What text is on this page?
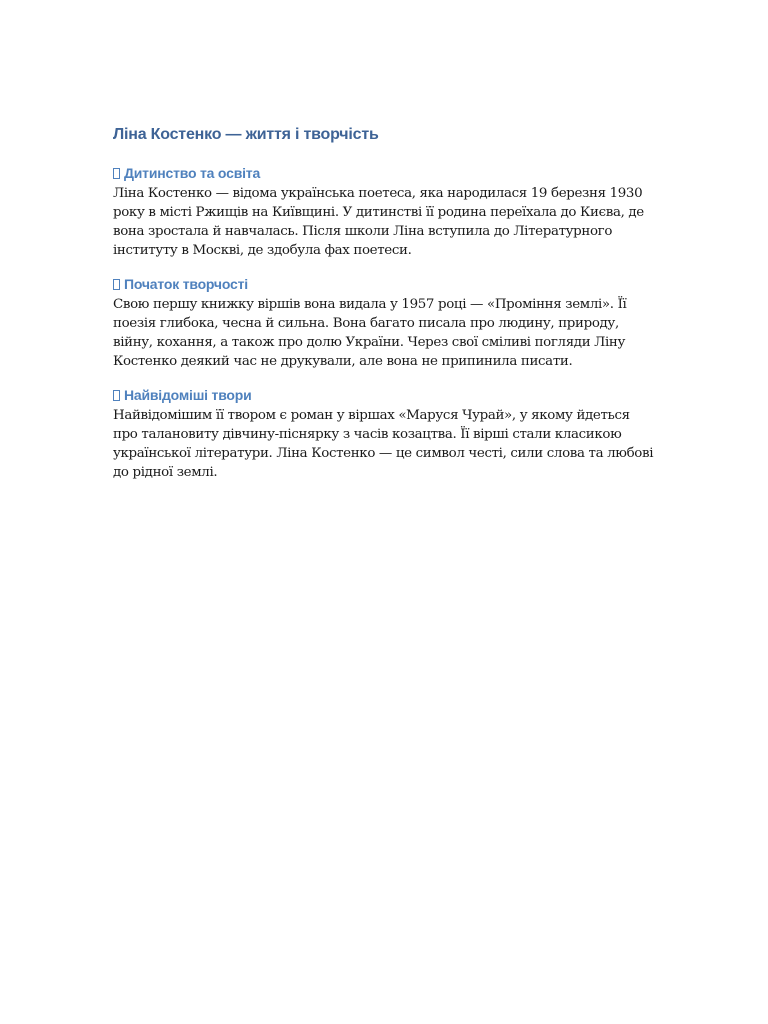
Ліна Костенко — життя і творчість
Дитинство та освіта

Ліна Костенко — відома українська поетеса, яка народилася 19 березня 1930 року в місті Ржищів на Київщині. У дитинстві її родина переїхала до Києва, де вона зростала й навчалась. Після школи Ліна вступила до Літературного інституту в Москві, де здобула фах поетеси.

Початок творчості

Свою першу книжку віршів вона видала у 1957 році — «Проміння землі». Її поезія глибока, чесна й сильна. Вона багато писала про людину, природу, війну, кохання, а також про долю України. Через свої сміливі погляди Ліну Костенко деякий час не друкували, але вона не припинила писати.

Найвідоміші твори

Найвідомішим її твором є роман у віршах «Маруся Чурай», у якому йдеться про талановиту дівчину-піснярку з часів козацтва. Її вірші стали класикою української літератури. Ліна Костенко — це символ честі, сили слова та любові до рідної землі.
